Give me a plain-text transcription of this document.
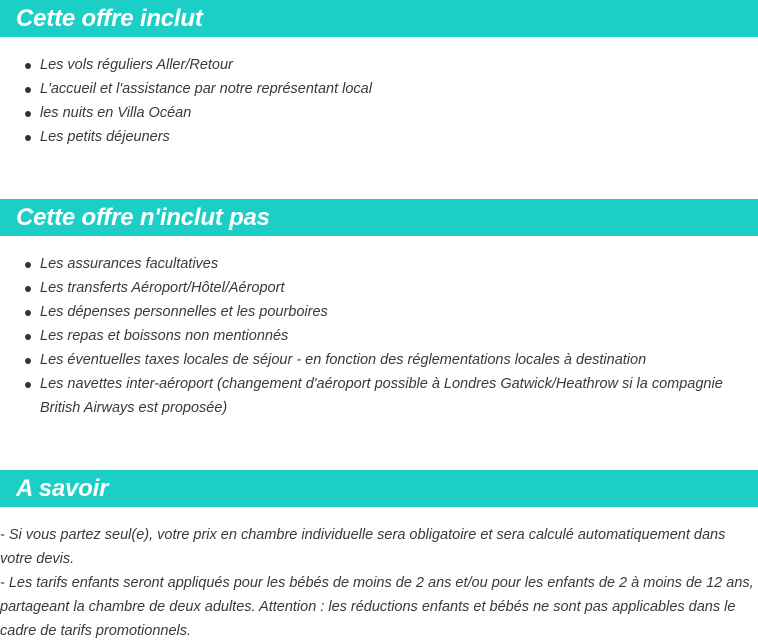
Cette offre inclut
Les vols réguliers Aller/Retour
L'accueil et l'assistance par notre représentant local
les nuits en Villa Océan
Les petits déjeuners
Cette offre n'inclut pas
Les assurances facultatives
Les transferts Aéroport/Hôtel/Aéroport
Les dépenses personnelles et les pourboires
Les repas et boissons non mentionnés
Les éventuelles taxes locales de séjour - en fonction des réglementations locales à destination
Les navettes inter-aéroport (changement d'aéroport possible à Londres Gatwick/Heathrow si la compagnie British Airways est proposée)
A savoir

- Si vous partez seul(e), votre prix en chambre individuelle sera obligatoire et sera calculé automatiquement dans votre devis.

- Les tarifs enfants seront appliqués pour les bébés de moins de 2 ans et/ou pour les enfants de 2 à moins de 12 ans, partageant la chambre de deux adultes. Attention : les réductions enfants et bébés ne sont pas applicables dans le cadre de tarifs promotionnels.
